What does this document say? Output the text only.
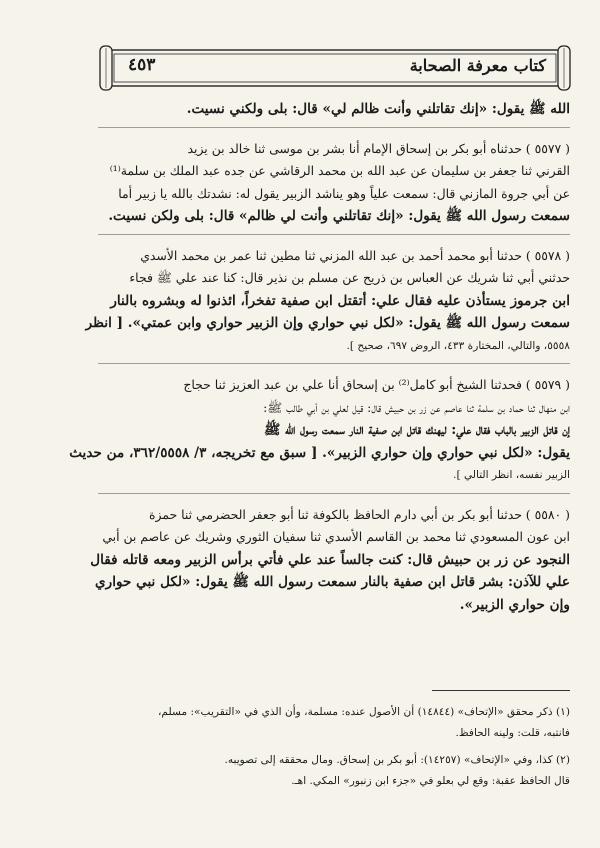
كتاب معرفة الصحابة
٤٥٣

الله ﷺ يقول: «إنك تقاتلني وأنت ظالم لي» قال: بلى ولكني نسيت.

( ٥٥٧٧ ) حدثناه أبو بكر بن إسحاق الإمام أنا بشر بن موسى ثنا خالد بن يزيد
القرني ثنا جعفر بن سليمان عن عبد الله بن محمد الرقاشي عن جده عبد الملك بن سلمة⁽¹⁾
عن أبي جروة المازني قال: سمعت علياً وهو يناشد الزبير يقول له: نشدتك بالله يا زبير أما
سمعت رسول الله ﷺ يقول: «إنك تقاتلني وأنت لي ظالم» قال: بلى ولكن نسيت.

( ٥٥٧٨ ) حدثنا أبو محمد أحمد بن عبد الله المزني ثنا مطين ثنا عمر بن محمد الأسدي
حدثني أبي ثنا شريك عن العباس بن ذريح عن مسلم بن نذير قال: كنا عند علي ﷺ فجاء
ابن جرموز يستأذن عليه فقال علي: أتقتل ابن صفية تفخراً، ائذنوا له وبشروه بالنار
سمعت رسول الله ﷺ يقول: «لكل نبي حواري وإن الزبير حواري وابن عمتي». [ انظر
٥٥٥٨، والتالي، المختارة ٤٣٣، الروض ٦٩٧، صحيح ].

( ٥٥٧٩ ) فحدثنا الشيخ أبو كامل⁽²⁾ بن إسحاق أنا علي بن عبد العزيز ثنا حجاج
ابن منهال ثنا حماد بن سلمة ثنا عاصم عن زر بن حبيش قال: قيل لعلي بن أبي طالب ﷺ:
إن قاتل الزبير بالباب فقال علي: ليهنك قاتل ابن صفية النار سمعت رسول الله ﷺ
يقول: «لكل نبي حواري وإن حواري الزبير». [ سبق مع تخريجه، ٣/ ٣٦٢/٥٥٥٨، من حديث
الزبير نفسه، انظر التالي ].

( ٥٥٨٠ ) حدثنا أبو بكر بن أبي دارم الحافظ بالكوفة ثنا أبو جعفر الحضرمي ثنا حمزة
ابن عون المسعودي ثنا محمد بن القاسم الأسدي ثنا سفيان الثوري وشريك عن عاصم بن أبي
النجود عن زر بن حبيش قال: كنت جالساً عند علي فأتي برأس الزبير ومعه قاتله فقال
علي للآذن: بشر قاتل ابن صفية بالنار سمعت رسول الله ﷺ يقول: «لكل نبي حواري
وإن حواري الزبير».

(١) ذكر محقق «الإتحاف» (١٤٨٤٤) أن الأصول عنده: مسلمة، وأن الذي في «التقريب»: مسلم،

فانتبه، قلت: ولينه الحافظ.

(٢) كذا، وفي «الإتحاف» (١٤٢٥٧): أبو بكر بن إسحاق. ومال محققه إلى تصويبه.

قال الحافظ عقبة: وقع لي بعلو في «جزء ابن زنبور» المكي. اهـ.
